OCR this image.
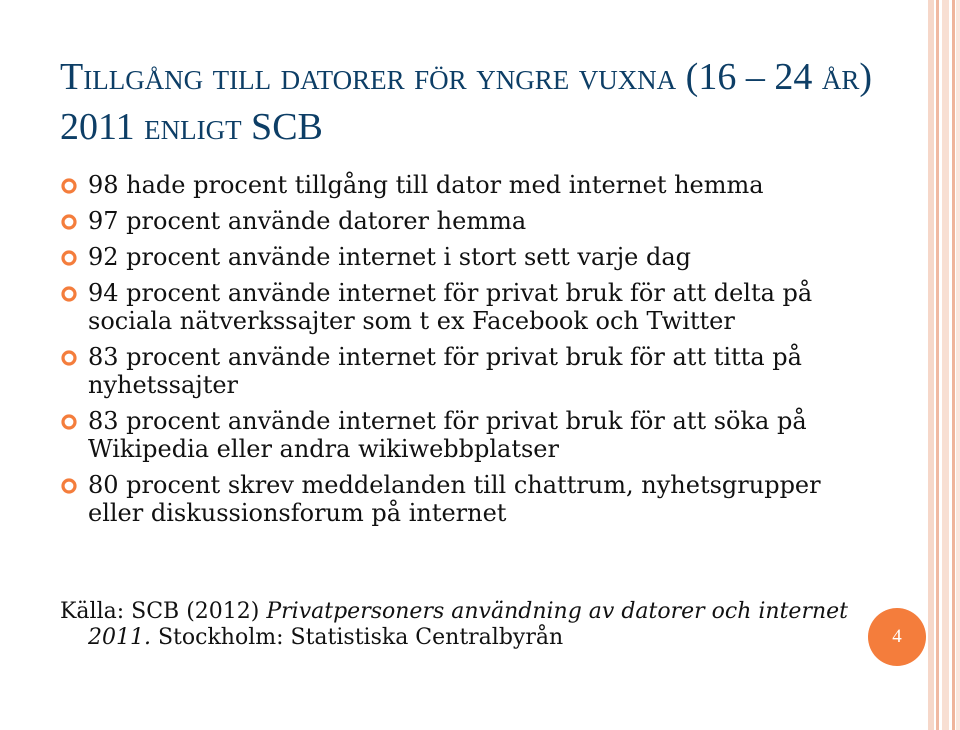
Tillgång till datorer för yngre vuxna (16 – 24 år) 2011 enligt SCB
98 hade procent tillgång till dator med internet hemma
97 procent använde datorer hemma
92 procent använde internet i stort sett varje dag
94 procent använde internet för privat bruk för att delta på sociala nätverkssajter som t ex Facebook och Twitter
83 procent använde internet för privat bruk för att titta på nyhetssajter
83 procent använde internet för privat bruk för att söka på Wikipedia eller andra wikiwebbplatser
80 procent skrev meddelanden till chattrum, nyhetsgrupper eller diskussionsforum på internet

Källa: SCB (2012) Privatpersoners användning av datorer och internet 2011. Stockholm: Statistiska Centralbyrån	4
